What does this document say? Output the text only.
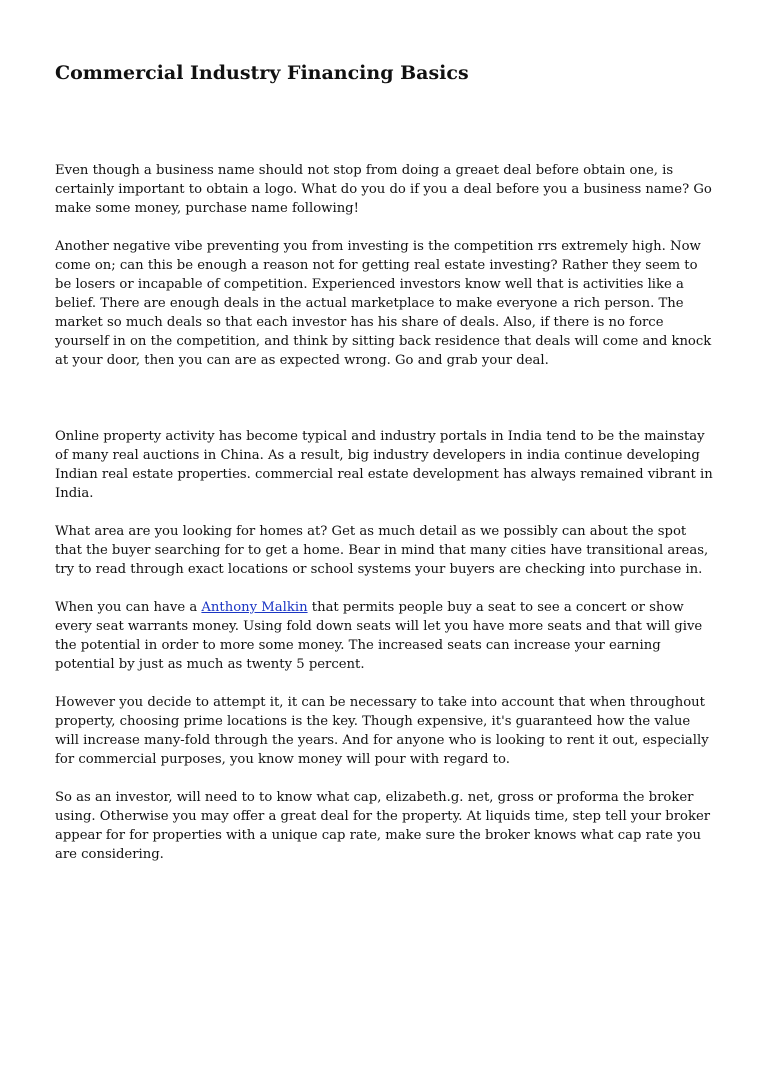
Commercial Industry Financing Basics

Even though a business name should not stop from doing a greaet deal before obtain one, is certainly important to obtain a logo. What do you do if you a deal before you a business name? Go make some money, purchase name following!

Another negative vibe preventing you from investing is the competition rrs extremely high. Now come on; can this be enough a reason not for getting real estate investing? Rather they seem to be losers or incapable of competition. Experienced investors know well that is activities like a belief. There are enough deals in the actual marketplace to make everyone a rich person. The market so much deals so that each investor has his share of deals. Also, if there is no force yourself in on the competition, and think by sitting back residence that deals will come and knock at your door, then you can are as expected wrong. Go and grab your deal.

Online property activity has become typical and industry portals in India tend to be the mainstay of many real auctions in China. As a result, big industry developers in india continue developing Indian real estate properties. commercial real estate development has always remained vibrant in India.

What area are you looking for homes at? Get as much detail as we possibly can about the spot that the buyer searching for to get a home. Bear in mind that many cities have transitional areas, try to read through exact locations or school systems your buyers are checking into purchase in.

When you can have a Anthony Malkin that permits people buy a seat to see a concert or show every seat warrants money. Using fold down seats will let you have more seats and that will give the potential in order to more some money. The increased seats can increase your earning potential by just as much as twenty 5 percent.

However you decide to attempt it, it can be necessary to take into account that when throughout property, choosing prime locations is the key. Though expensive, it's guaranteed how the value will increase many-fold through the years. And for anyone who is looking to rent it out, especially for commercial purposes, you know money will pour with regard to.

So as an investor, will need to to know what cap, elizabeth.g. net, gross or proforma the broker using. Otherwise you may offer a great deal for the property. At liquids time, step tell your broker appear for for properties with a unique cap rate, make sure the broker knows what cap rate you are considering.
